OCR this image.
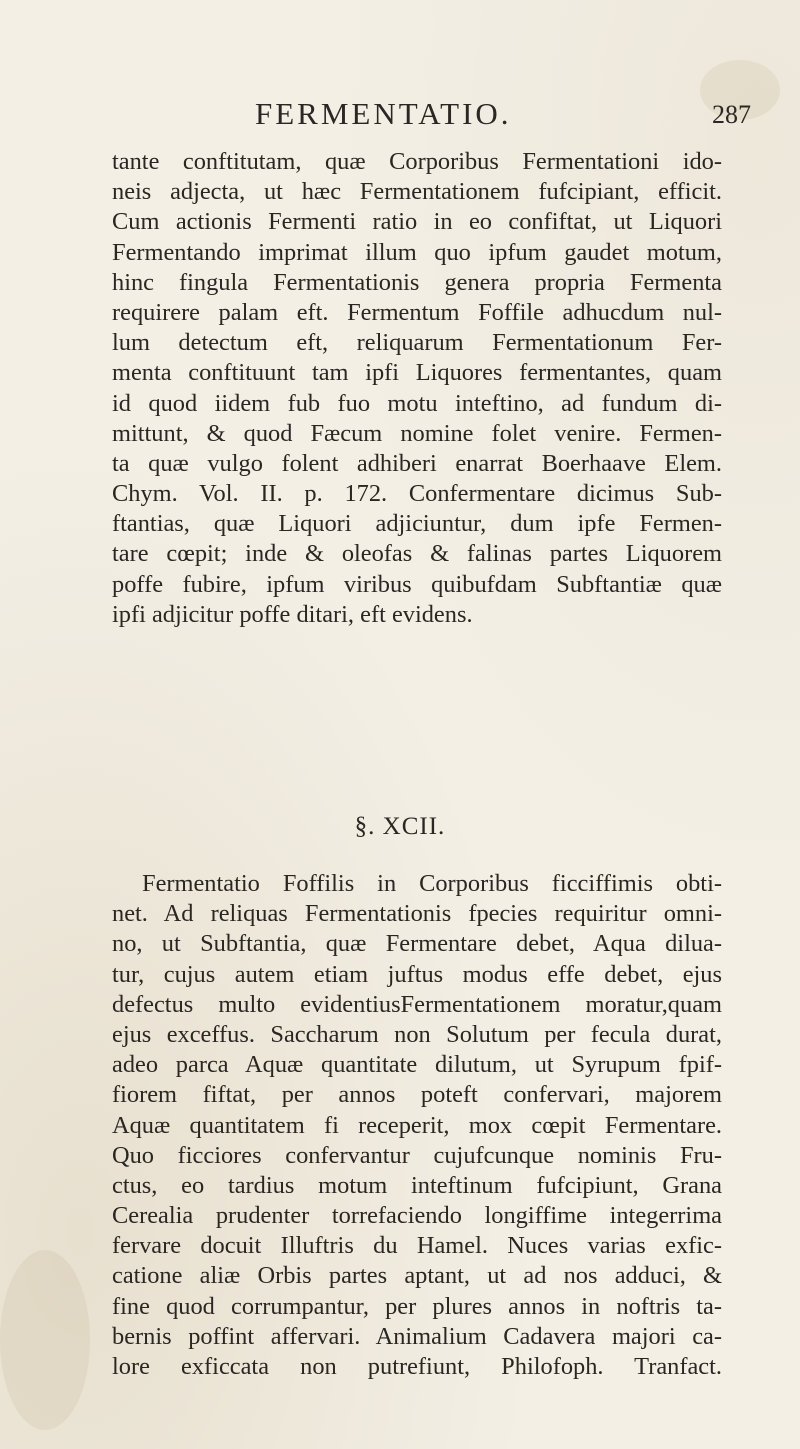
FERMENTATIO.	287
tante conftitutam, quæ Corporibus Fermentationi ido-
neis adjecta, ut hæc Fermentationem fufcipiant, efficit.
Cum actionis Fermenti ratio in eo confiftat, ut Liquori
Fermentando imprimat illum quo ipfum gaudet motum,
hinc fingula Fermentationis genera propria Fermenta
requirere palam eft. Fermentum Foffile adhucdum nul-
lum detectum eft, reliquarum Fermentationum Fer-
menta conftituunt tam ipfi Liquores fermentantes, quam
id quod iidem fub fuo motu inteftino, ad fundum di-
mittunt, & quod Fæcum nomine folet venire. Fermen-
ta quæ vulgo folent adhiberi enarrat Boerhaave Elem.
Chym. Vol. II. p. 172. Confermentare dicimus Sub-
ftantias, quæ Liquori adjiciuntur, dum ipfe Fermen-
tare cœpit; inde & oleofas & falinas partes Liquorem
poffe fubire, ipfum viribus quibufdam Subftantiæ quæ
ipfi adjicitur poffe ditari, eft evidens.
§. XCII.
Fermentatio Foffilis in Corporibus ficciffimis obti-
net. Ad reliquas Fermentationis fpecies requiritur omni-
no, ut Subftantia, quæ Fermentare debet, Aqua dilua-
tur, cujus autem etiam juftus modus effe debet, ejus
defectus multo evidentiusFermentationem moratur,quam
ejus exceffus. Saccharum non Solutum per fecula durat,
adeo parca Aquæ quantitate dilutum, ut Syrupum fpif-
fiorem fiftat, per annos poteft confervari, majorem
Aquæ quantitatem fi receperit, mox cœpit Fermentare.
Quo ficciores confervantur cujufcunque nominis Fru-
ctus, eo tardius motum inteftinum fufcipiunt, Grana
Cerealia prudenter torrefaciendo longiffime integerrima
fervare docuit Illuftris du Hamel. Nuces varias exfic-
catione aliæ Orbis partes aptant, ut ad nos adduci, &
fine quod corrumpantur, per plures annos in noftris ta-
bernis poffint affervari. Animalium Cadavera majori ca-
lore exficcata non putrefiunt, Philofoph. Tranfact.
